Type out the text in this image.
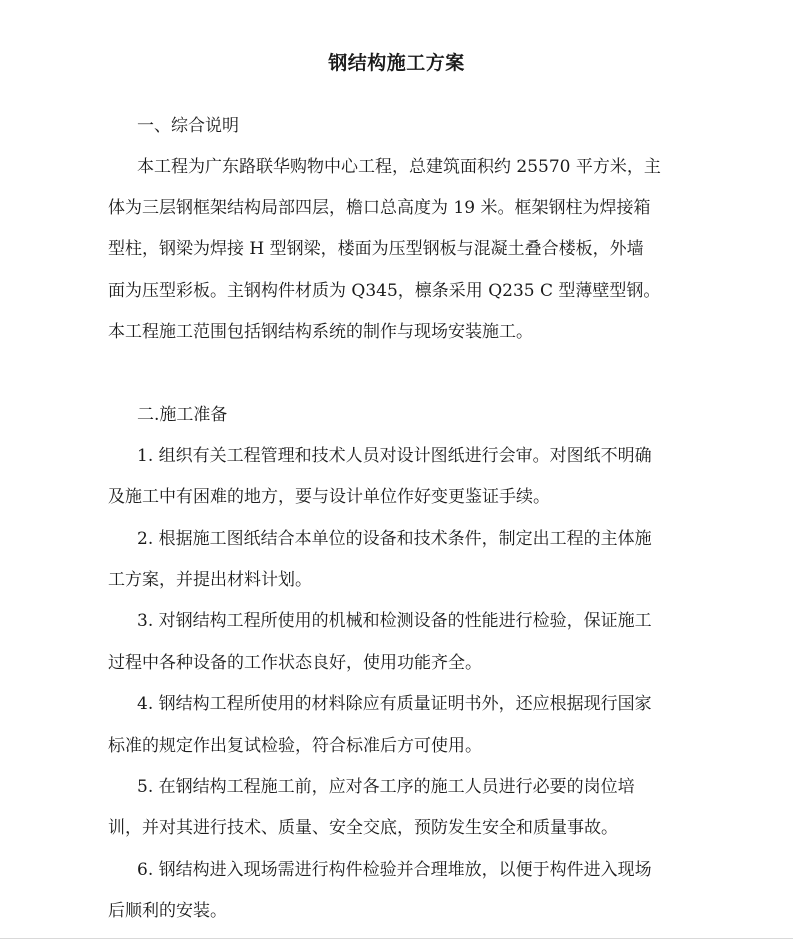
钢结构施工方案
一、综合说明
本工程为广东路联华购物中心工程，总建筑面积约 25570 平方米，主
体为三层钢框架结构局部四层，檐口总高度为 19 米。框架钢柱为焊接箱
型柱，钢梁为焊接 H 型钢梁，楼面为压型钢板与混凝土叠合楼板，外墙
面为压型彩板。主钢构件材质为 Q345，檩条采用 Q235 C 型薄壁型钢。
本工程施工范围包括钢结构系统的制作与现场安装施工。
二.施工准备
1. 组织有关工程管理和技术人员对设计图纸进行会审。对图纸不明确
及施工中有困难的地方，要与设计单位作好变更鉴证手续。
2. 根据施工图纸结合本单位的设备和技术条件，制定出工程的主体施
工方案，并提出材料计划。
3. 对钢结构工程所使用的机械和检测设备的性能进行检验，保证施工
过程中各种设备的工作状态良好，使用功能齐全。
4. 钢结构工程所使用的材料除应有质量证明书外，还应根据现行国家
标准的规定作出复试检验，符合标准后方可使用。
5. 在钢结构工程施工前，应对各工序的施工人员进行必要的岗位培
训，并对其进行技术、质量、安全交底，预防发生安全和质量事故。
6. 钢结构进入现场需进行构件检验并合理堆放，以便于构件进入现场
后顺利的安装。
